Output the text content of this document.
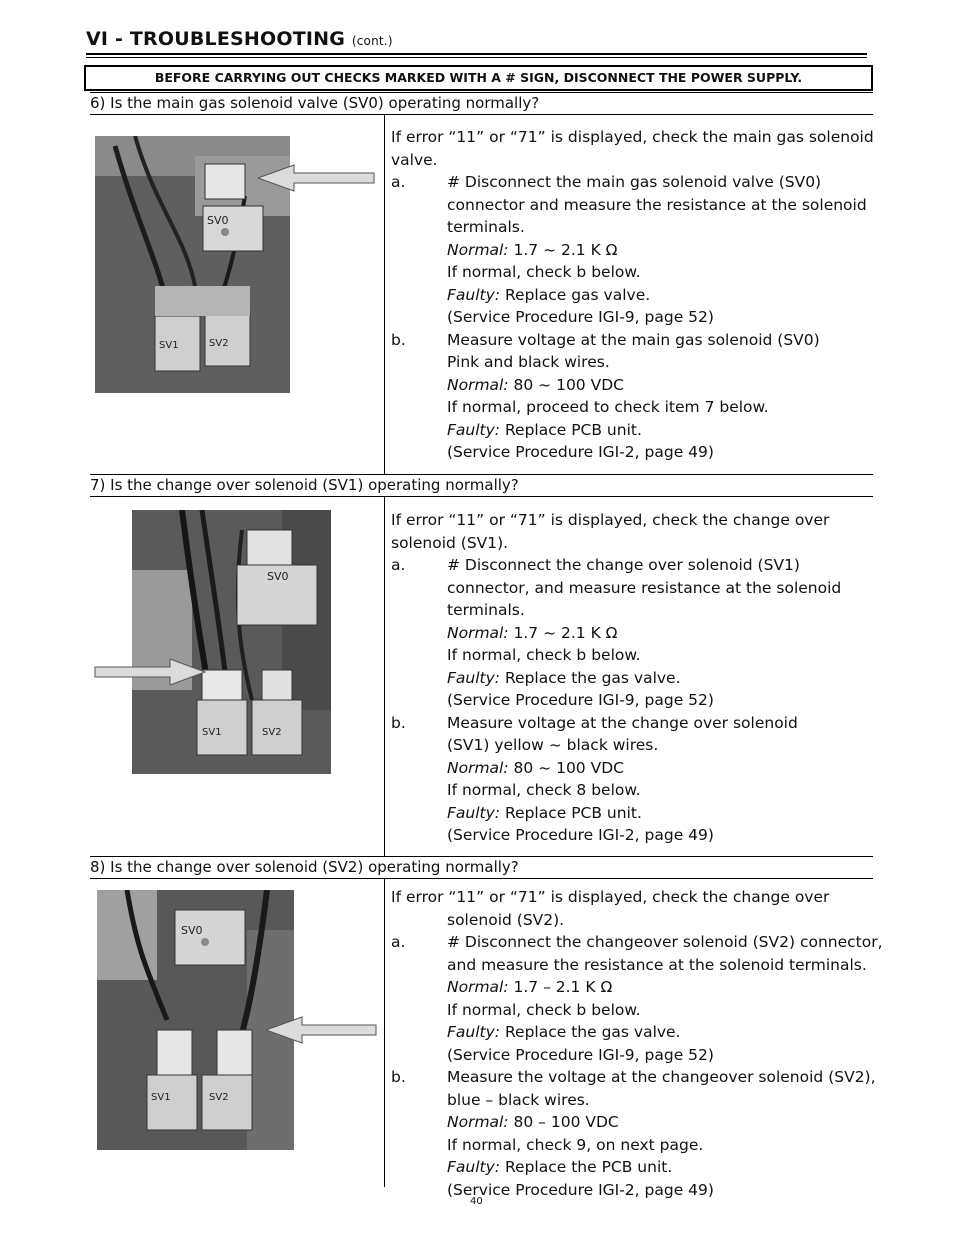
VI - TROUBLESHOOTING (cont.)
BEFORE CARRYING OUT CHECKS MARKED WITH A # SIGN, DISCONNECT THE POWER SUPPLY.
6) Is the main gas solenoid valve (SV0) operating normally?
SV0
SV1	SV2
If error “11” or “71” is displayed, check the main gas solenoid
valve.
a.	# Disconnect the main gas solenoid valve (SV0)
connector and measure the resistance at the solenoid
terminals.
Normal: 1.7 ~ 2.1 K Ω
If normal, check b below.
Faulty: Replace gas valve.
(Service Procedure IGI-9, page 52)
b.	Measure voltage at the main gas solenoid (SV0)
Pink and black wires.
Normal: 80 ~ 100 VDC
If normal, proceed to check item 7 below.
Faulty: Replace PCB unit.
(Service Procedure IGI-2, page 49)
7) Is the change over solenoid (SV1) operating normally?
SV0
SV1	SV2
If error “11” or “71” is displayed, check the change over
solenoid (SV1).
a.	# Disconnect the change over solenoid (SV1)
connector, and measure resistance at the solenoid
terminals.
Normal: 1.7 ~ 2.1 K Ω
If normal, check b below.
Faulty: Replace the gas valve.
(Service Procedure IGI-9, page 52)
b.	Measure voltage at the change over solenoid
(SV1) yellow ~ black wires.
Normal: 80 ~ 100 VDC
If normal, check 8 below.
Faulty: Replace PCB unit.
(Service Procedure IGI-2, page 49)
8) Is the change over solenoid (SV2) operating normally?
SV0
SV1	SV2
If error “11” or “71” is displayed, check the change over
solenoid (SV2).
a.	# Disconnect the changeover solenoid (SV2) connector,
and measure the resistance at the solenoid terminals.
Normal: 1.7 – 2.1 K Ω
If normal, check b below.
Faulty: Replace the gas valve.
(Service Procedure IGI-9, page 52)
b.	Measure the voltage at the changeover solenoid (SV2),
blue – black wires.
Normal: 80 – 100 VDC
If normal, check 9, on next page.
Faulty: Replace the PCB unit.
(Service Procedure IGI-2, page 49)
40
